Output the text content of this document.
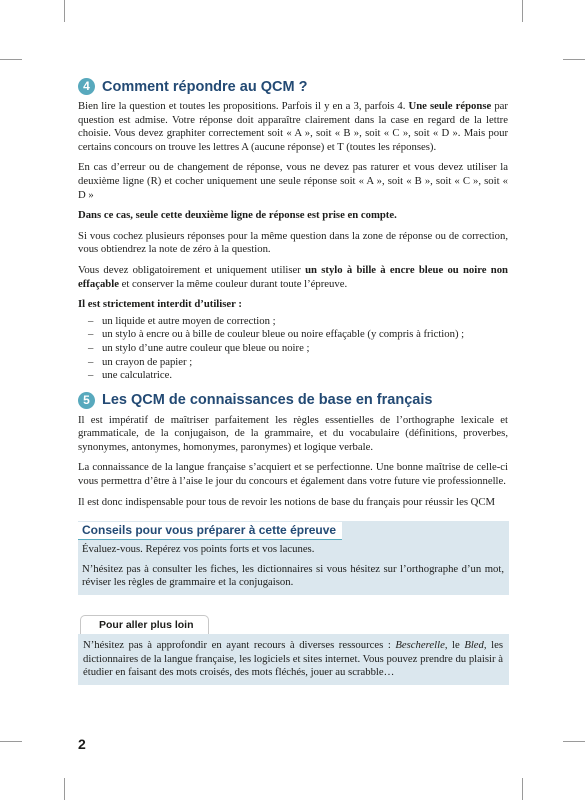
4 Comment répondre au QCM ?

Bien lire la question et toutes les propositions. Parfois il y en a 3, parfois 4. Une seule réponse par question est admise. Votre réponse doit apparaître clairement dans la case en regard de la lettre choisie. Vous devez graphiter correctement soit « A », soit « B », soit « C », soit « D ». Mais pour certains concours on trouve les lettres A (aucune réponse) et T (toutes les réponses).

En cas d’erreur ou de changement de réponse, vous ne devez pas raturer et vous devez utiliser la deuxième ligne (R) et cocher uniquement une seule réponse soit « A », soit « B », soit « C », soit « D »

Dans ce cas, seule cette deuxième ligne de réponse est prise en compte.

Si vous cochez plusieurs réponses pour la même question dans la zone de réponse ou de correction, vous obtiendrez la note de zéro à la question.

Vous devez obligatoirement et uniquement utiliser un stylo à bille à encre bleue ou noire non effaçable et conserver la même couleur durant toute l’épreuve.

Il est strictement interdit d’utiliser :

– un liquide et autre moyen de correction ;
– un stylo à encre ou à bille de couleur bleue ou noire effaçable (y compris à friction) ;
– un stylo d’une autre couleur que bleue ou noire ;
– un crayon de papier ;
– une calculatrice.
5 Les QCM de connaissances de base en français

Il est impératif de maîtriser parfaitement les règles essentielles de l’orthographe lexicale et grammaticale, de la conjugaison, de la grammaire, et du vocabulaire (définitions, proverbes, synonymes, antonymes, homonymes, paronymes) et logique verbale.

La connaissance de la langue française s’acquiert et se perfectionne. Une bonne maîtrise de celle-ci vous permettra d’être à l’aise le jour du concours et également dans votre future vie professionnelle.

Il est donc indispensable pour tous de revoir les notions de base du français pour réussir les QCM

Conseils pour vous préparer à cette épreuve

Évaluez-vous. Repérez vos points forts et vos lacunes.

N’hésitez pas à consulter les fiches, les dictionnaires si vous hésitez sur l’orthographe d’un mot, réviser les règles de grammaire et la conjugaison.

Pour aller plus loin

N’hésitez pas à approfondir en ayant recours à diverses ressources : Bescherelle, le Bled, les dictionnaires de la langue française, les logiciels et sites internet. Vous pouvez prendre du plaisir à étudier en faisant des mots croisés, des mots fléchés, jouer au scrabble…

2
